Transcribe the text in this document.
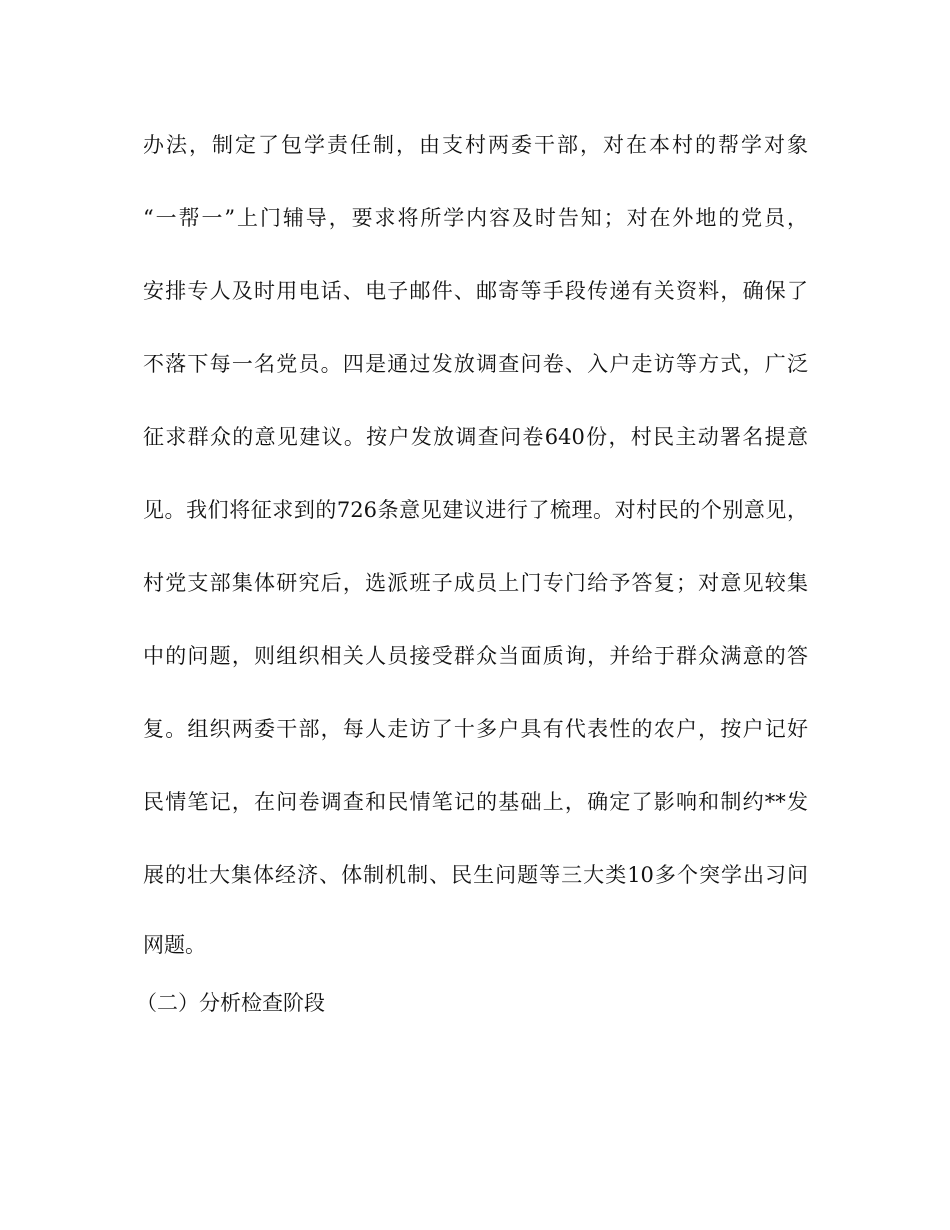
办法，制定了包学责任制，由支村两委干部，对在本村的帮学对象
“一帮一”上门辅导，要求将所学内容及时告知；对在外地的党员，
安排专人及时用电话、电子邮件、邮寄等手段传递有关资料，确保了
不落下每一名党员。四是通过发放调查问卷、入户走访等方式，广泛
征求群众的意见建议。按户发放调查问卷640份，村民主动署名提意
见。我们将征求到的726条意见建议进行了梳理。对村民的个别意见，
村党支部集体研究后，选派班子成员上门专门给予答复；对意见较集
中的问题，则组织相关人员接受群众当面质询，并给于群众满意的答
复。组织两委干部，每人走访了十多户具有代表性的农户，按户记好
民情笔记，在问卷调查和民情笔记的基础上，确定了影响和制约**发
展的壮大集体经济、体制机制、民生问题等三大类10多个突学出习问
网题。
（二）分析检查阶段
